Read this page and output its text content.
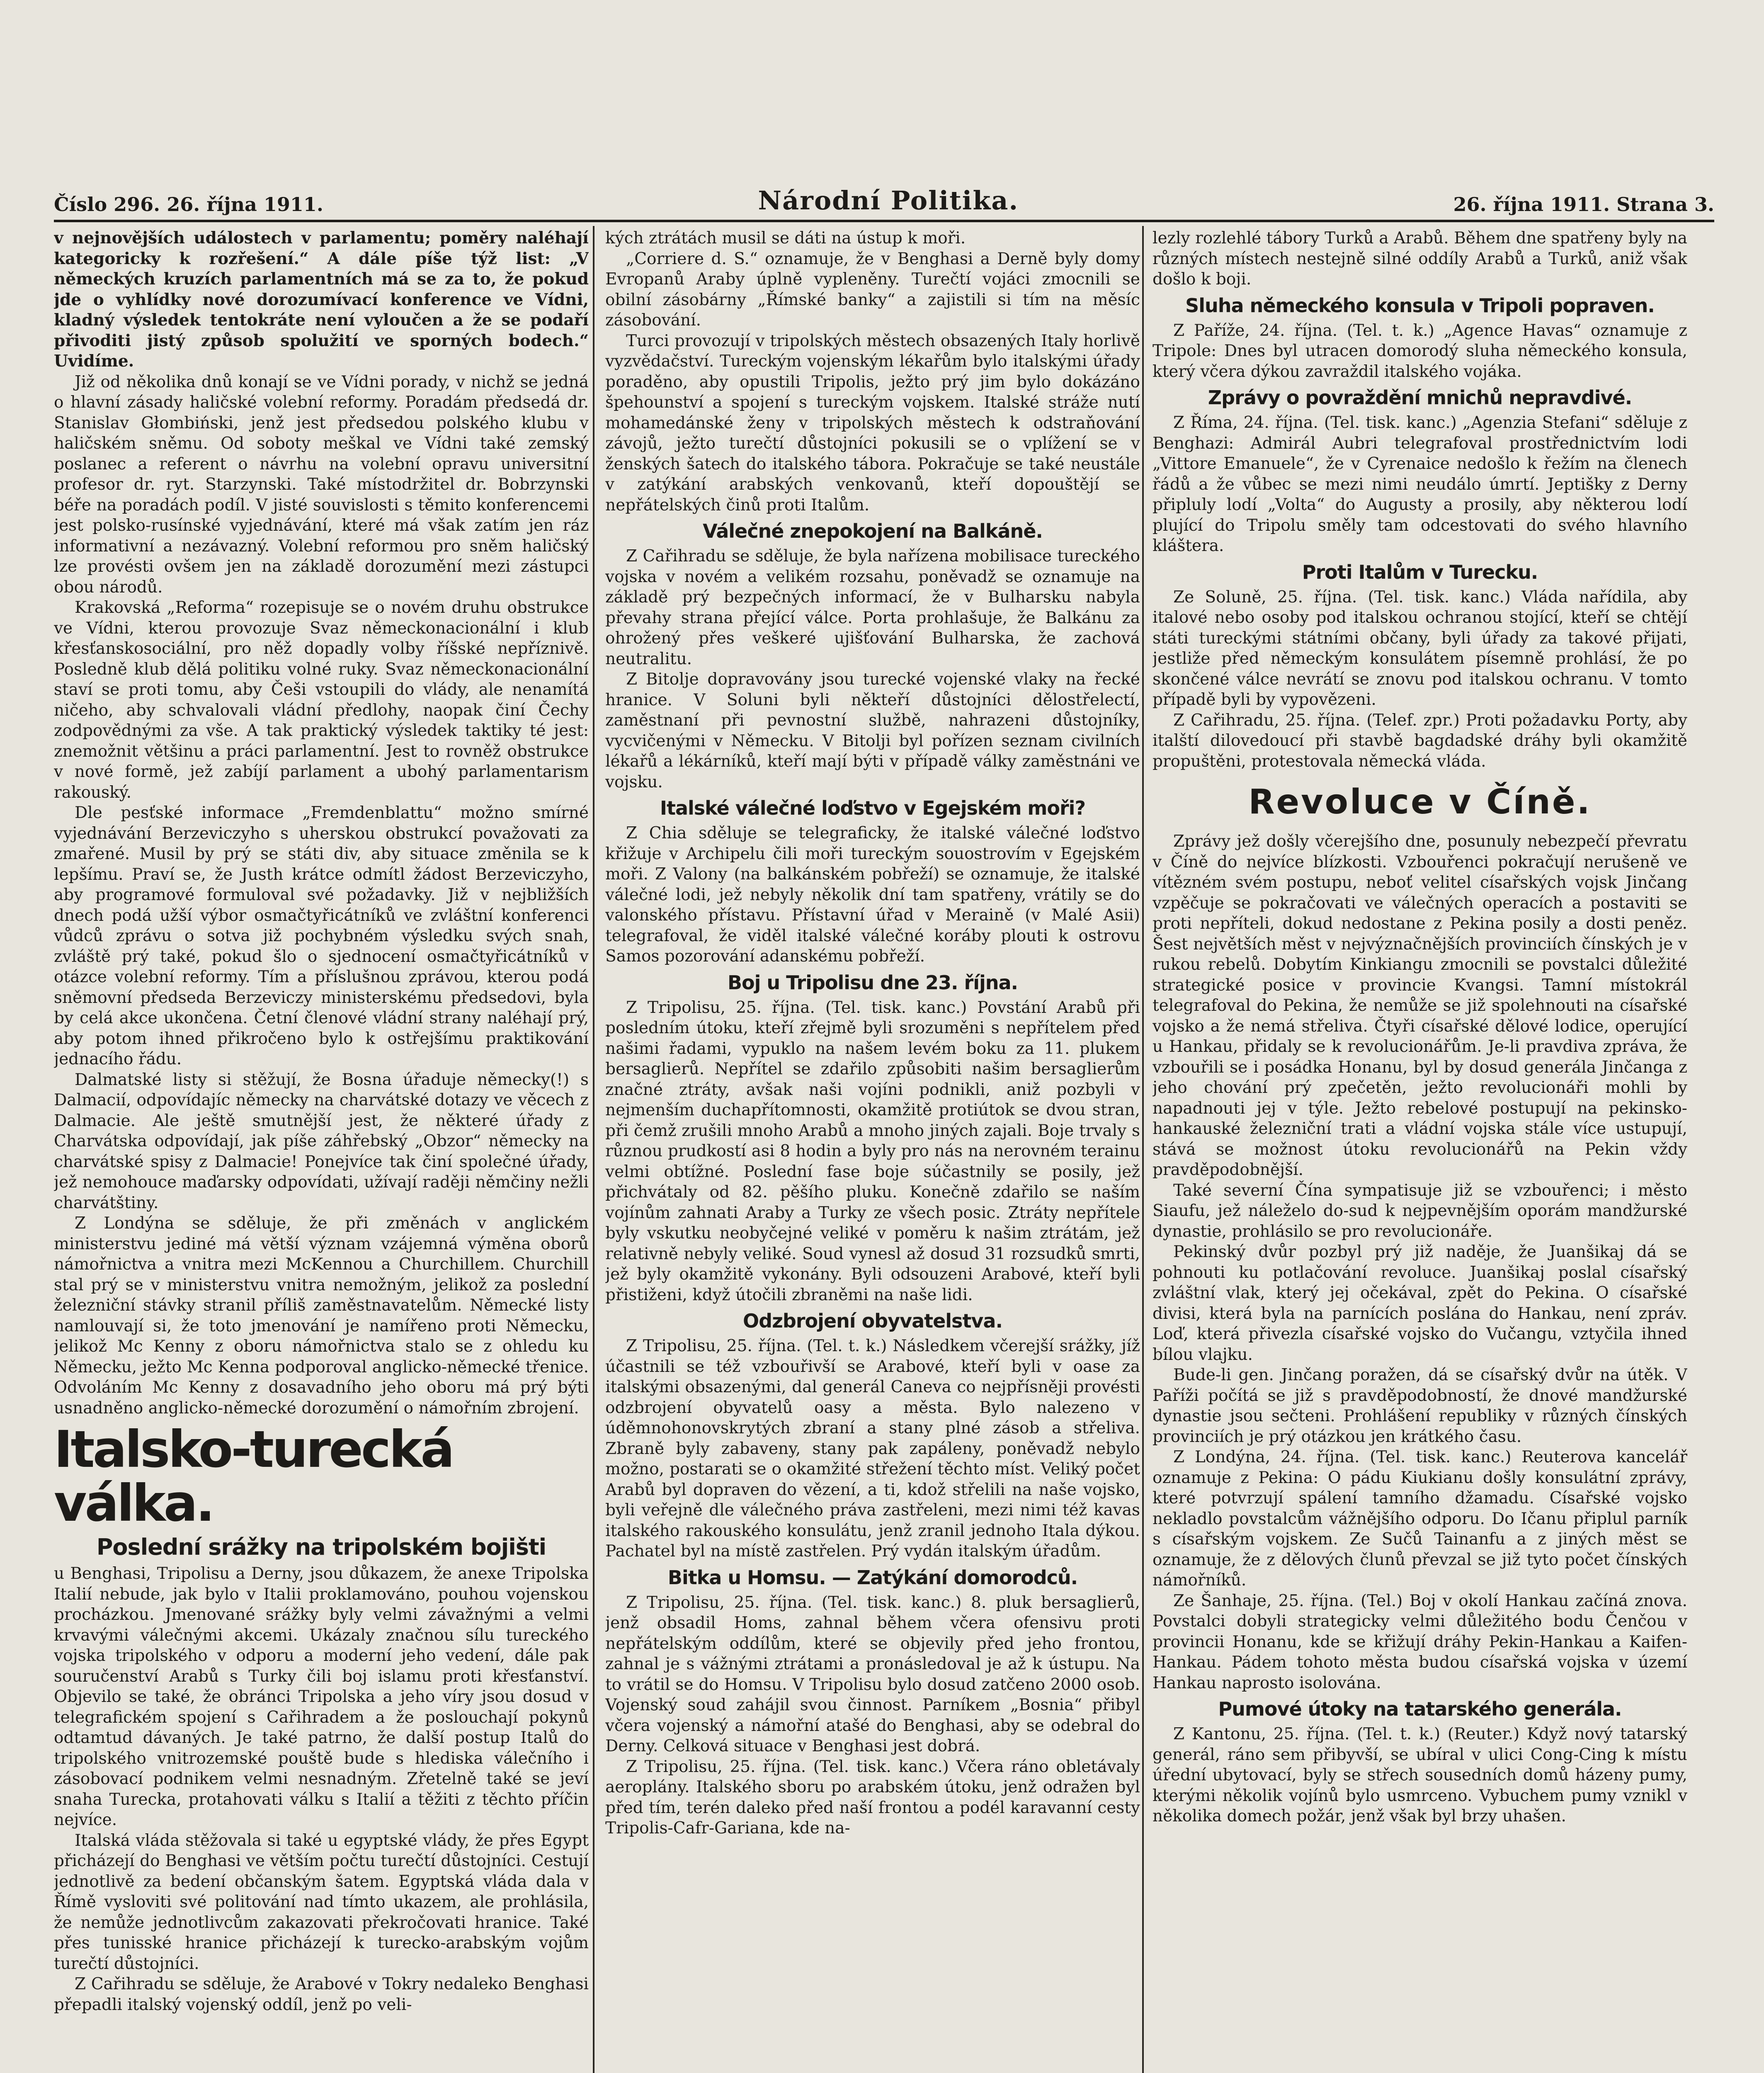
Číslo 296. 26. října 1911.	Národní Politika.	26. října 1911. Strana 3.

v nejnovějších událostech v parlamentu; poměry naléhají kategoricky k rozřešení.“ A dále píše týž list: „V německých kruzích parlamentních má se za to, že pokud jde o vyhlídky nové dorozumívací konference ve Vídni, kladný výsledek tentokráte není vyloučen a že se podaří přivoditi jistý způsob spolužití ve sporných bodech.“ Uvidíme.

Již od několika dnů konají se ve Vídni porady, v nichž se jedná o hlavní zásady haličské volební reformy. Poradám předsedá dr. Stanislav Głombiński, jenž jest předsedou polského klubu v haličském sněmu. Od soboty meškal ve Vídni také zemský poslanec a referent o návrhu na volební opravu universitní profesor dr. ryt. Starzynski. Také místodržitel dr. Bobrzynski béře na poradách podíl. V jisté souvislosti s těmito konferencemi jest polsko-rusínské vyjednávání, které má však zatím jen ráz informativní a nezávazný. Volební reformou pro sněm haličský lze provésti ovšem jen na základě dorozumění mezi zástupci obou národů.

Krakovská „Reforma“ rozepisuje se o novém druhu obstrukce ve Vídni, kterou provozuje Svaz německonacionální i klub křesťanskosociální, pro něž dopadly volby říšské nepříznivě. Posledně klub dělá politiku volné ruky. Svaz německonacionální staví se proti tomu, aby Češi vstoupili do vlády, ale nenamítá ničeho, aby schvalovali vládní předlohy, naopak činí Čechy zodpovědnými za vše. A tak praktický výsledek taktiky té jest: znemožnit většinu a práci parlamentní. Jest to rovněž obstrukce v nové formě, jež zabíjí parlament a ubohý parlamentarism rakouský.

Dle pesťské informace „Fremdenblattu“ možno smírné vyjednávání Berzeviczyho s uherskou obstrukcí považovati za zmařené. Musil by prý se státi div, aby situace změnila se k lepšímu. Praví se, že Justh krátce odmítl žádost Berzeviczyho, aby programové formuloval své požadavky. Již v nejbližších dnech podá užší výbor osmačtyřicátníků ve zvláštní konferenci vůdců zprávu o sotva již pochybném výsledku svých snah, zvláště prý také, pokud šlo o sjednocení osmačtyřicátníků v otázce volební reformy. Tím a příslušnou zprávou, kterou podá sněmovní předseda Berzeviczy ministerskému předsedovi, byla by celá akce ukončena. Četní členové vládní strany naléhají prý, aby potom ihned přikročeno bylo k ostřejšímu praktikování jednacího řádu.

Dalmatské listy si stěžují, že Bosna úřaduje německy(!) s Dalmacií, odpovídajíc německy na charvátské dotazy ve věcech z Dalmacie. Ale ještě smutnější jest, že některé úřady z Charvátska odpovídají, jak píše záhřebský „Obzor“ německy na charvátské spisy z Dalmacie! Ponejvíce tak činí společné úřady, jež nemohouce maďarsky odpovídati, užívají raději němčiny nežli charvátštiny.

Z Londýna se sděluje, že při změnách v anglickém ministerstvu jediné má větší význam vzájemná výměna oborů námořnictva a vnitra mezi McKennou a Churchillem. Churchill stal prý se v ministerstvu vnitra nemožným, jelikož za poslední železniční stávky stranil příliš zaměstnavatelům. Německé listy namlouvají si, že toto jmenování je namířeno proti Německu, jelikož Mc Kenny z oboru námořnictva stalo se z ohledu ku Německu, ježto Mc Kenna podporoval anglicko-německé třenice. Odvoláním Mc Kenny z dosavadního jeho oboru má prý býti usnadněno anglicko-německé dorozumění o námořním zbrojení.

Italsko-turecká válka.
Poslední srážky na tripolském bojišti

u Benghasi, Tripolisu a Derny, jsou důkazem, že anexe Tripolska Italií nebude, jak bylo v Italii proklamováno, pouhou vojenskou procházkou. Jmenované srážky byly velmi závažnými a velmi krvavými válečnými akcemi. Ukázaly značnou sílu tureckého vojska tripolského v odporu a moderní jeho vedení, dále pak souručenství Arabů s Turky čili boj islamu proti křesťanství. Objevilo se také, že obránci Tripolska a jeho víry jsou dosud v telegrafickém spojení s Cařihradem a že poslouchají pokynů odtamtud dávaných. Je také patrno, že další postup Italů do tripolského vnitrozemské pouště bude s hlediska válečního i zásobovací podnikem velmi nesnadným. Zřetelně také se jeví snaha Turecka, protahovati válku s Italií a těžiti z těchto příčin nejvíce.

Italská vláda stěžovala si také u egyptské vlády, že přes Egypt přicházejí do Benghasi ve větším počtu turečtí důstojníci. Cestují jednotlivě za bedení občanským šatem. Egyptská vláda dala v Římě vysloviti své politování nad tímto ukazem, ale prohlásila, že nemůže jednotlivcům zakazovati překročovati hranice. Také přes tunisské hranice přicházejí k turecko-arabským vojům turečtí důstojníci.

Z Cařihradu se sděluje, že Arabové v Tokry nedaleko Benghasi přepadli italský vojenský oddíl, jenž po veli-

kých ztrátách musil se dáti na ústup k moři.

„Corriere d. S.“ oznamuje, že v Benghasi a Derně byly domy Evropanů Araby úplně vypleněny. Turečtí vojáci zmocnili se obilní zásobárny „Římské banky“ a zajistili si tím na měsíc zásobování.

Turci provozují v tripolských městech obsazených Italy horlivě vyzvědačství. Tureckým vojenským lékařům bylo italskými úřady poraděno, aby opustili Tripolis, ježto prý jim bylo dokázáno špehounství a spojení s tureckým vojskem. Italské stráže nutí mohamedánské ženy v tripolských městech k odstraňování závojů, ježto turečtí důstojníci pokusili se o vplížení se v ženských šatech do italského tábora. Pokračuje se také neustále v zatýkání arabských venkovanů, kteří dopouštějí se nepřátelských činů proti Italům.

Válečné znepokojení na Balkáně.

Z Cařihradu se sděluje, že byla nařízena mobilisace tureckého vojska v novém a velikém rozsahu, poněvadž se oznamuje na základě prý bezpečných informací, že v Bulharsku nabyla převahy strana přející válce. Porta prohlašuje, že Balkánu za ohrožený přes veškeré ujišťování Bulharska, že zachová neutralitu.

Z Bitolje dopravovány jsou turecké vojenské vlaky na řecké hranice. V Soluni byli někteří důstojníci dělostřelectí, zaměstnaní při pevnostní službě, nahrazeni důstojníky, vycvičenými v Německu. V Bitolji byl pořízen seznam civilních lékařů a lékárníků, kteří mají býti v případě války zaměstnáni ve vojsku.

Italské válečné loďstvo v Egejském moři?

Z Chia sděluje se telegraficky, že italské válečné loďstvo křižuje v Archipelu čili moři tureckým souostrovím v Egejském moři. Z Valony (na balkánském pobřeží) se oznamuje, že italské válečné lodi, jež nebyly několik dní tam spatřeny, vrátily se do valonského přístavu. Přístavní úřad v Meraině (v Malé Asii) telegrafoval, že viděl italské válečné koráby plouti k ostrovu Samos pozorování adanskému pobřeží.

Boj u Tripolisu dne 23. října.

Z Tripolisu, 25. října. (Tel. tisk. kanc.) Povstání Arabů při posledním útoku, kteří zřejmě byli srozuměni s nepřítelem před našimi řadami, vypuklo na našem levém boku za 11. plukem bersaglierů. Nepřítel se zdařilo způsobiti našim bersaglierům značné ztráty, avšak naši vojíni podnikli, aniž pozbyli v nejmenším duchapřítomnosti, okamžitě protiútok se dvou stran, při čemž zrušili mnoho Arabů a mnoho jiných zajali. Boje trvaly s různou prudkostí asi 8 hodin a byly pro nás na nerovném terainu velmi obtížné. Poslední fase boje súčastnily se posily, jež přichvátaly od 82. pěšího pluku. Konečně zdařilo se naším vojínům zahnati Araby a Turky ze všech posic. Ztráty nepřítele byly vskutku neobyčejné veliké v poměru k našim ztrátám, jež relativně nebyly veliké. Soud vynesl až dosud 31 rozsudků smrti, jež byly okamžitě vykonány. Byli odsouzeni Arabové, kteří byli přistiženi, když útočili zbraněmi na naše lidi.

Odzbrojení obyvatelstva.

Z Tripolisu, 25. října. (Tel. t. k.) Následkem včerejší srážky, jíž účastnili se též vzbouřivší se Arabové, kteří byli v oase za italskými obsazenými, dal generál Caneva co nejpřísněji provésti odzbrojení obyvatelů oasy a města. Bylo nalezeno v úděmnohonovskrytých zbraní a stany plné zásob a střeliva. Zbraně byly zabaveny, stany pak zapáleny, poněvadž nebylo možno, postarati se o okamžité střežení těchto míst. Veliký počet Arabů byl dopraven do vězení, a ti, kdož střelili na naše vojsko, byli veřejně dle válečného práva zastřeleni, mezi nimi též kavas italského rakouského konsulátu, jenž zranil jednoho Itala dýkou. Pachatel byl na místě zastřelen. Prý vydán italským úřadům.

Bitka u Homsu. — Zatýkání domorodců.

Z Tripolisu, 25. října. (Tel. tisk. kanc.) 8. pluk bersaglierů, jenž obsadil Homs, zahnal během včera ofensivu proti nepřátelským oddílům, které se objevily před jeho frontou, zahnal je s vážnými ztrátami a pronásledoval je až k ústupu. Na to vrátil se do Homsu. V Tripolisu bylo dosud zatčeno 2000 osob. Vojenský soud zahájil svou činnost. Parníkem „Bosnia“ přibyl včera vojenský a námořní atašé do Benghasi, aby se odebral do Derny. Celková situace v Benghasi jest dobrá.

Z Tripolisu, 25. října. (Tel. tisk. kanc.) Včera ráno obletávaly aeroplány. Italského sboru po arabském útoku, jenž odražen byl před tím, terén daleko před naší frontou a podél karavanní cesty Tripolis-Cafr-Gariana, kde na-

lezly rozlehlé tábory Turků a Arabů. Během dne spatřeny byly na různých místech nestejně silné oddíly Arabů a Turků, aniž však došlo k boji.

Sluha německého konsula v Tripoli popraven.

Z Paříže, 24. října. (Tel. t. k.) „Agence Havas“ oznamuje z Tripole: Dnes byl utracen domorodý sluha německého konsula, který včera dýkou zavraždil italského vojáka.

Zprávy o povraždění mnichů nepravdivé.

Z Říma, 24. října. (Tel. tisk. kanc.) „Agenzia Stefani“ sděluje z Benghazi: Admirál Aubri telegrafoval prostřednictvím lodi „Vittore Emanuele“, že v Cyrenaice nedošlo k řežím na členech řádů a že vůbec se mezi nimi neudálo úmrtí. Jeptišky z Derny připluly lodí „Volta“ do Augusty a prosily, aby některou lodí plující do Tripolu směly tam odcestovati do svého hlavního kláštera.

Proti Italům v Turecku.

Ze Soluně, 25. října. (Tel. tisk. kanc.) Vláda nařídila, aby italové nebo osoby pod italskou ochranou stojící, kteří se chtějí státi tureckými státními občany, byli úřady za takové přijati, jestliže před německým konsulátem písemně prohlásí, že po skončené válce nevrátí se znovu pod italskou ochranu. V tomto případě byli by vypovězeni.

Z Cařihradu, 25. října. (Telef. zpr.) Proti požadavku Porty, aby italští dilovedoucí při stavbě bagdadské dráhy byli okamžitě propuštěni, protestovala německá vláda.

Revoluce v Číně.

Zprávy jež došly včerejšího dne, posunuly nebezpečí převratu v Číně do nejvíce blízkosti. Vzbouřenci pokračují nerušeně ve vítězném svém postupu, neboť velitel císařských vojsk Jinčang vzpěčuje se pokračovati ve válečných operacích a postaviti se proti nepříteli, dokud nedostane z Pekina posily a dosti peněz. Šest největších měst v nejvýznačnějších provinciích čínských je v rukou rebelů. Dobytím Kinkiangu zmocnili se povstalci důležité strategické posice v provincie Kvangsi. Tamní místokrál telegrafoval do Pekina, že nemůže se již spolehnouti na císařské vojsko a že nemá střeliva. Čtyři císařské dělové lodice, operující u Hankau, přidaly se k revolucionářům. Je-li pravdiva zpráva, že vzbouřili se i posádka Honanu, byl by dosud generála Jinčanga z jeho chování prý zpečetěn, ježto revolucionáři mohli by napadnouti jej v týle. Ježto rebelové postupují na pekinsko-hankauské železniční trati a vládní vojska stále více ustupují, stává se možnost útoku revolucionářů na Pekin vždy pravděpodobnější.

Také severní Čína sympatisuje již se vzbouřenci; i město Siaufu, jež náleželo do-sud k nejpevnějším oporám mandžurské dynastie, prohlásilo se pro revolucionáře.

Pekinský dvůr pozbyl prý již naděje, že Juanšikaj dá se pohnouti ku potlačování revoluce. Juanšikaj poslal císařský zvláštní vlak, který jej očekával, zpět do Pekina. O císařské divisi, která byla na parnících poslána do Hankau, není zpráv. Loď, která přivezla císařské vojsko do Vučangu, vztyčila ihned bílou vlajku.

Bude-li gen. Jinčang poražen, dá se císařský dvůr na útěk. V Paříži počítá se již s pravděpodobností, že dnové mandžurské dynastie jsou sečteni. Prohlášení republiky v různých čínských provinciích je prý otázkou jen krátkého času.

Z Londýna, 24. října. (Tel. tisk. kanc.) Reuterova kancelář oznamuje z Pekina: O pádu Kiukianu došly konsulátní zprávy, které potvrzují spálení tamního džamadu. Císařské vojsko nekladlo povstalcům vážnějšího odporu. Do Ičanu připlul parník s císařským vojskem. Ze Sučů Tainanfu a z jiných měst se oznamuje, že z dělových člunů převzal se již tyto počet čínských námořníků.

Ze Šanhaje, 25. října. (Tel.) Boj v okolí Hankau začíná znova. Povstalci dobyli strategicky velmi důležitého bodu Čenčou v provincii Honanu, kde se křižují dráhy Pekin-Hankau a Kaifen-Hankau. Pádem tohoto města budou císařská vojska v území Hankau naprosto isolována.

Pumové útoky na tatarského generála.

Z Kantonu, 25. října. (Tel. t. k.) (Reuter.) Když nový tatarský generál, ráno sem přibyvší, se ubíral v ulici Cong-Cing k místu úřední ubytovací, byly se střech sousedních domů házeny pumy, kterými několik vojínů bylo usmrceno. Vybuchem pumy vznikl v několika domech požár, jenž však byl brzy uhašen.
